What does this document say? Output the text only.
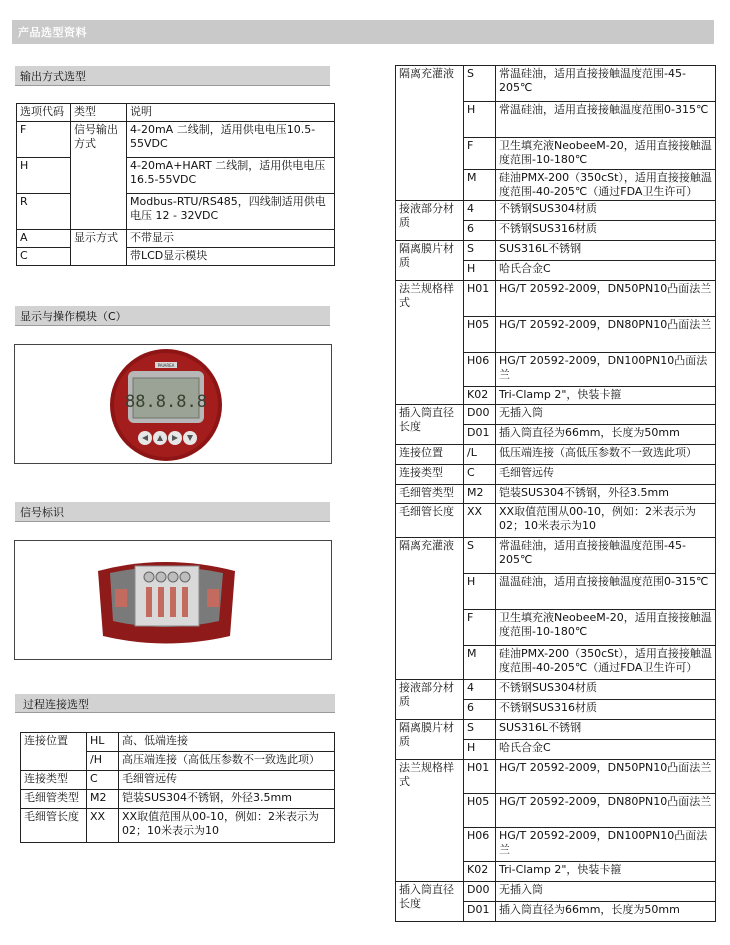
产品选型资料
输出方式选型
选项代码	类型	说明
F	信号输出方式	4-20mA 二线制，适用供电电压10.5-55VDC
H		4-20mA+HART 二线制，适用供电电压16.5-55VDC
R		Modbus-RTU/RS485，四线制适用供电电压 12 - 32VDC
A	显示方式	不带显示
C		带LCD显示模块
显示与操作模块（C）
PAIAREA
88.8.8.8
信号标识
过程连接选型
连接位置	HL	高、低端连接
	/H	高压端连接（高低压参数不一致选此项）
连接类型	C	毛细管远传
毛细管类型	M2	铠装SUS304不锈钢，外径3.5mm
毛细管长度	XX	XX取值范围从00-10，例如：2米表示为02；10米表示为10
隔离充灌液	S	常温硅油，适用直接接触温度范围-45-205℃
	H	常温硅油，适用直接接触温度范围0-315℃
	F	卫生填充液NeobeeM-20，适用直接接触温度范围-10-180℃
	M	硅油PMX-200（350cSt），适用直接接触温度范围-40-205℃（通过FDA卫生许可）
接液部分材质	4	不锈钢SUS304材质
	6	不锈钢SUS316材质
隔离膜片材质	S	SUS316L不锈钢
	H	哈氏合金C
法兰规格样式	H01	HG/T 20592-2009，DN50PN10凸面法兰
	H05	HG/T 20592-2009，DN80PN10凸面法兰
	H06	HG/T 20592-2009，DN100PN10凸面法兰
	K02	Tri-Clamp 2"，快装卡箍
插入筒直径长度	D00	无插入筒
	D01	插入筒直径为66mm，长度为50mm
连接位置	/L	低压端连接（高低压参数不一致选此项）
连接类型	C	毛细管远传
毛细管类型	M2	铠装SUS304不锈钢，外径3.5mm
毛细管长度	XX	XX取值范围从00-10，例如：2米表示为02；10米表示为10
隔离充灌液	S	常温硅油，适用直接接触温度范围-45-205℃
	H	温温硅油，适用直接接触温度范围0-315℃
	F	卫生填充液NeobeeM-20，适用直接接触温度范围-10-180℃
	M	硅油PMX-200（350cSt），适用直接接触温度范围-40-205℃（通过FDA卫生许可）
接液部分材质	4	不锈钢SUS304材质
	6	不锈钢SUS316材质
隔离膜片材质	S	SUS316L不锈钢
	H	哈氏合金C
法兰规格样式	H01	HG/T 20592-2009，DN50PN10凸面法兰
	H05	HG/T 20592-2009，DN80PN10凸面法兰
	H06	HG/T 20592-2009，DN100PN10凸面法兰
	K02	Tri-Clamp 2"，快装卡箍
插入筒直径长度	D00	无插入筒
	D01	插入筒直径为66mm，长度为50mm
